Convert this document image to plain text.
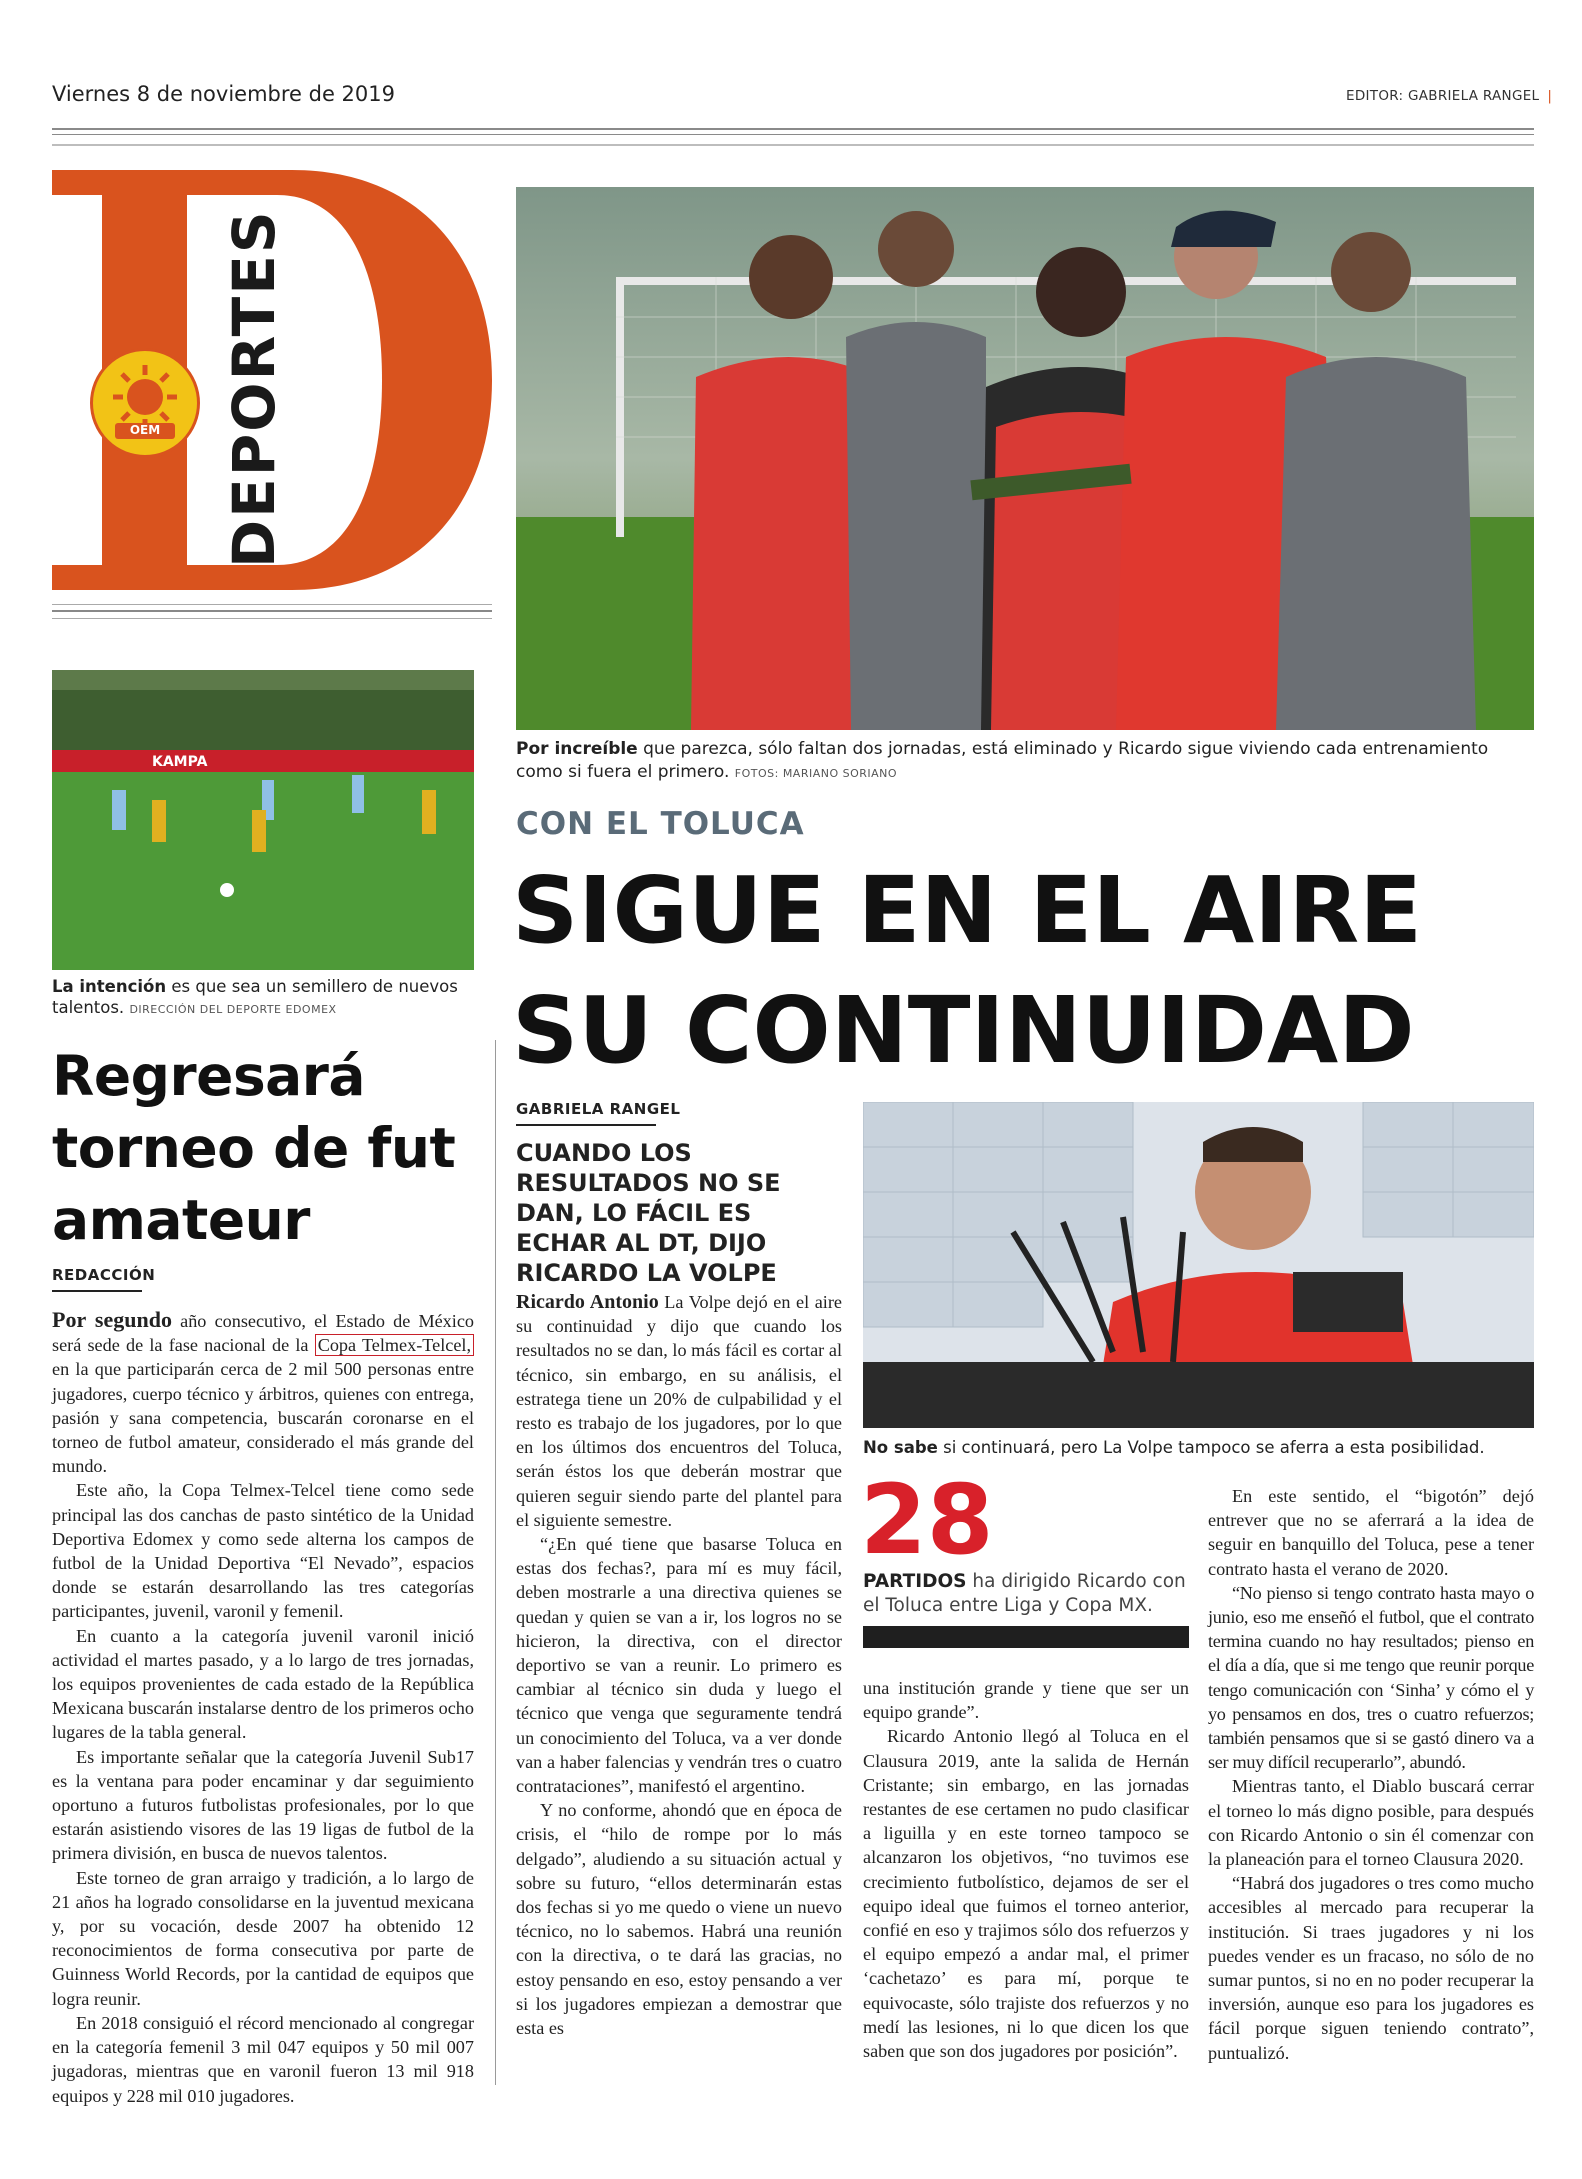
Viernes 8 de noviembre de 2019	EDITOR: GABRIELA RANGEL |
OEM	DEPORTES
Por increíble que parezca, sólo faltan dos jornadas, está eliminado y Ricardo sigue viviendo cada entrenamiento como si fuera el primero. FOTOS: MARIANO SORIANO
KAMPA
La intención es que sea un semillero de nuevos talentos. DIRECCIÓN DEL DEPORTE EDOMEX
Regresará torneo de fut amateur
REDACCIÓN

Por segundo año consecutivo, el Estado de México será sede de la fase nacional de la Copa Telmex-Telcel, en la que participarán cerca de 2 mil 500 personas entre jugadores, cuerpo técnico y árbitros, quienes con entrega, pasión y sana competencia, buscarán coronarse en el torneo de futbol amateur, considerado el más grande del mundo.

Este año, la Copa Telmex-Telcel tiene como sede principal las dos canchas de pasto sintético de la Unidad Deportiva Edomex y como sede alterna los campos de futbol de la Unidad Deportiva “El Nevado”, espacios donde se estarán desarrollando las tres categorías participantes, juvenil, varonil y femenil.

En cuanto a la categoría juvenil varonil inició actividad el martes pasado, y a lo largo de tres jornadas, los equipos provenientes de cada estado de la República Mexicana buscarán instalarse dentro de los primeros ocho lugares de la tabla general.

Es importante señalar que la categoría Juvenil Sub17 es la ventana para poder encaminar y dar seguimiento oportuno a futuros futbolistas profesionales, por lo que estarán asistiendo visores de las 19 ligas de futbol de la primera división, en busca de nuevos talentos.

Este torneo de gran arraigo y tradición, a lo largo de 21 años ha logrado consolidarse en la juventud mexicana y, por su vocación, desde 2007 ha obtenido 12 reconocimientos de forma consecutiva por parte de Guinness World Records, por la cantidad de equipos que logra reunir.

En 2018 consiguió el récord mencionado al congregar en la categoría femenil 3 mil 047 equipos y 50 mil 007 jugadoras, mientras que en varonil fueron 13 mil 918 equipos y 228 mil 010 jugadores.

CON EL TOLUCA
SIGUE EN EL AIRE
SU CONTINUIDAD
GABRIELA RANGEL
CUANDO LOS RESULTADOS NO SE DAN, LO FÁCIL ES ECHAR AL DT, DIJO RICARDO LA VOLPE

Ricardo Antonio La Volpe dejó en el aire su continuidad y dijo que cuando los resultados no se dan, lo más fácil es cortar al técnico, sin embargo, en su análisis, el estratega tiene un 20% de culpabilidad y el resto es trabajo de los jugadores, por lo que en los últimos dos encuentros del Toluca, serán éstos los que deberán mostrar que quieren seguir siendo parte del plantel para el siguiente semestre.

“¿En qué tiene que basarse Toluca en estas dos fechas?, para mí es muy fácil, deben mostrarle a una directiva quienes se quedan y quien se van a ir, los logros no se hicieron, la directiva, con el director deportivo se van a reunir. Lo primero es cambiar al técnico sin duda y luego el técnico que venga que seguramente tendrá un conocimiento del Toluca, va a ver donde van a haber falencias y vendrán tres o cuatro contrataciones”, manifestó el argentino.

Y no conforme, ahondó que en época de crisis, el “hilo de rompe por lo más delgado”, aludiendo a su situación actual y sobre su futuro, “ellos determinarán estas dos fechas si yo me quedo o viene un nuevo técnico, no lo sabemos. Habrá una reunión con la directiva, o te dará las gracias, no estoy pensando en eso, estoy pensando a ver si los jugadores empiezan a demostrar que esta es

No sabe si continuará, pero La Volpe tampoco se aferra a esta posibilidad.
28
PARTIDOS ha dirigido Ricardo con el Toluca entre Liga y Copa MX.

una institución grande y tiene que ser un equipo grande”.

Ricardo Antonio llegó al Toluca en el Clausura 2019, ante la salida de Hernán Cristante; sin embargo, en las jornadas restantes de ese certamen no pudo clasificar a liguilla y en este torneo tampoco se alcanzaron los objetivos, “no tuvimos ese crecimiento futbolístico, dejamos de ser el equipo ideal que fuimos el torneo anterior, confié en eso y trajimos sólo dos refuerzos y el equipo empezó a andar mal, el primer ‘cachetazo’ es para mí, porque te equivocaste, sólo trajiste dos refuerzos y no medí las lesiones, ni lo que dicen los que saben que son dos jugadores por posición”.

En este sentido, el “bigotón” dejó entrever que no se aferrará a la idea de seguir en banquillo del Toluca, pese a tener contrato hasta el verano de 2020.

“No pienso si tengo contrato hasta mayo o junio, eso me enseñó el futbol, que el contrato termina cuando no hay resultados; pienso en el día a día, que si me tengo que reunir porque tengo comunicación con ‘Sinha’ y cómo el y yo pensamos en dos, tres o cuatro refuerzos; también pensamos que si se gastó dinero va a ser muy difícil recuperarlo”, abundó.

Mientras tanto, el Diablo buscará cerrar el torneo lo más digno posible, para después con Ricardo Antonio o sin él comenzar con la planeación para el torneo Clausura 2020.

“Habrá dos jugadores o tres como mucho accesibles al mercado para recuperar la institución. Si traes jugadores y ni los puedes vender es un fracaso, no sólo de no sumar puntos, si no en no poder recuperar la inversión, aunque eso para los jugadores es fácil porque siguen teniendo contrato”, puntualizó.
